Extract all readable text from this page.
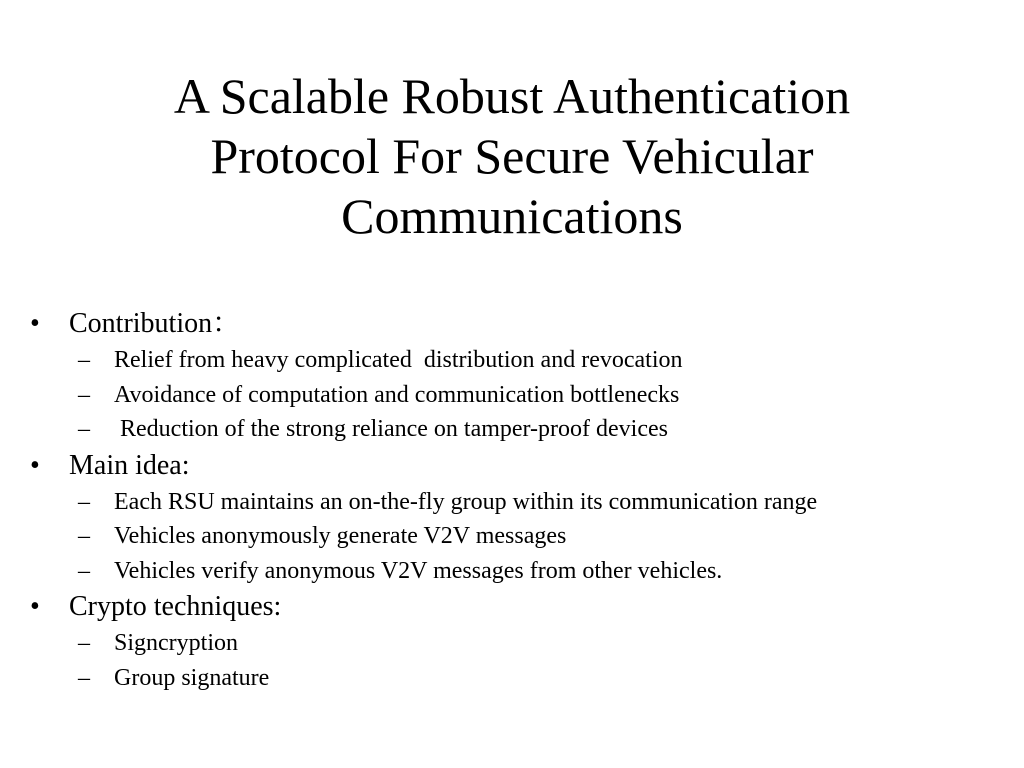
A Scalable Robust Authentication
Protocol For Secure Vehicular
Communications
• Contribution：
– Relief from heavy complicated  distribution and revocation
– Avoidance of computation and communication bottlenecks
– Reduction of the strong reliance on tamper-proof devices
• Main idea:
– Each RSU maintains an on-the-fly group within its communication range
– Vehicles anonymously generate V2V messages
– Vehicles verify anonymous V2V messages from other vehicles.
• Crypto techniques:
– Signcryption
– Group signature
